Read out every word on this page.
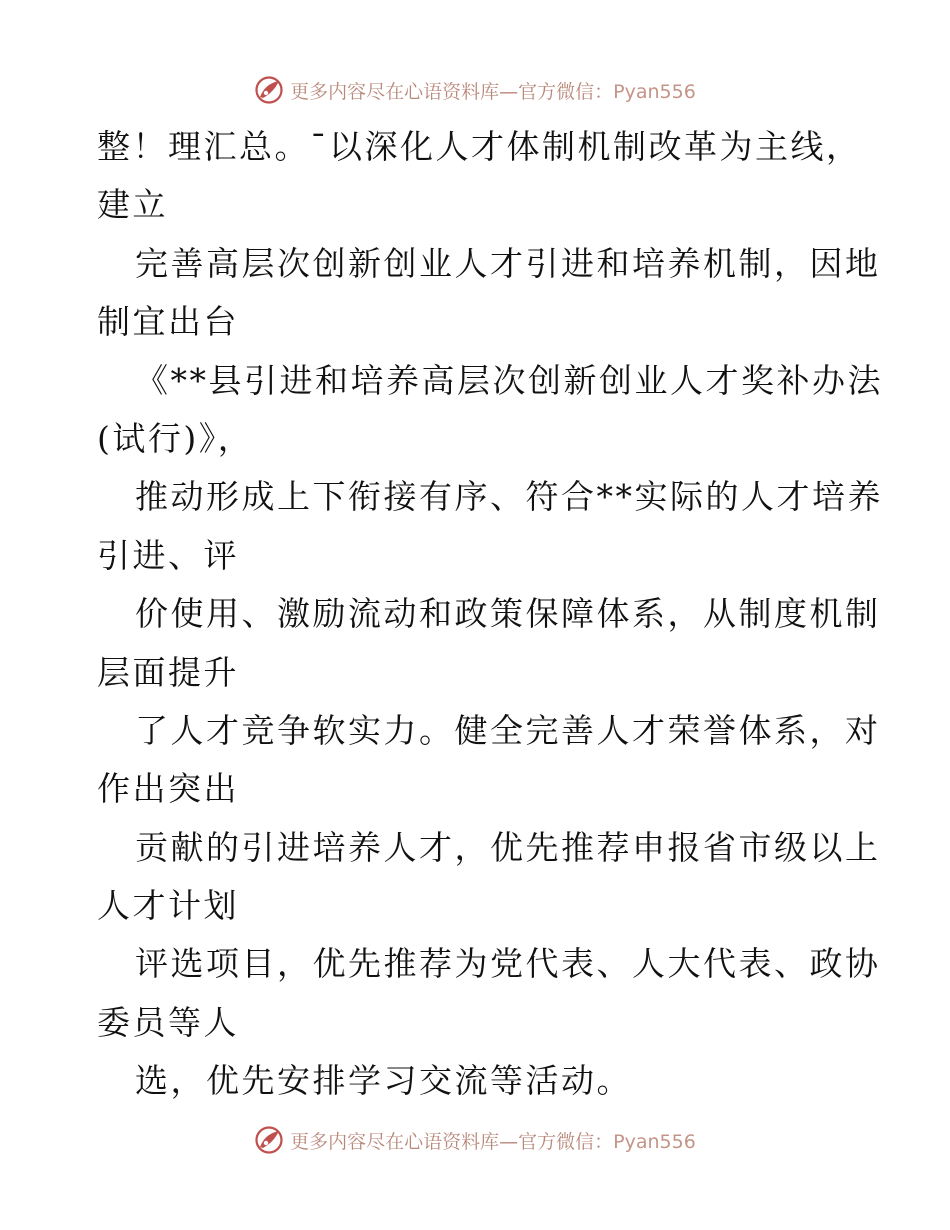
更多内容尽在心语资料库—官方微信：Pyan556
整！理汇总。¯以深化人才体制机制改革为主线，
建立
完善高层次创新创业人才引进和培养机制，因地
制宜出台
《**县引进和培养高层次创新创业人才奖补办法
(试行)》，
推动形成上下衔接有序、符合**实际的人才培养
引进、评
价使用、激励流动和政策保障体系，从制度机制
层面提升
了人才竞争软实力。健全完善人才荣誉体系，对
作出突出
贡献的引进培养人才，优先推荐申报省市级以上
人才计划
评选项目，优先推荐为党代表、人大代表、政协
委员等人
选，优先安排学习交流等活动。
更多内容尽在心语资料库—官方微信：Pyan556
